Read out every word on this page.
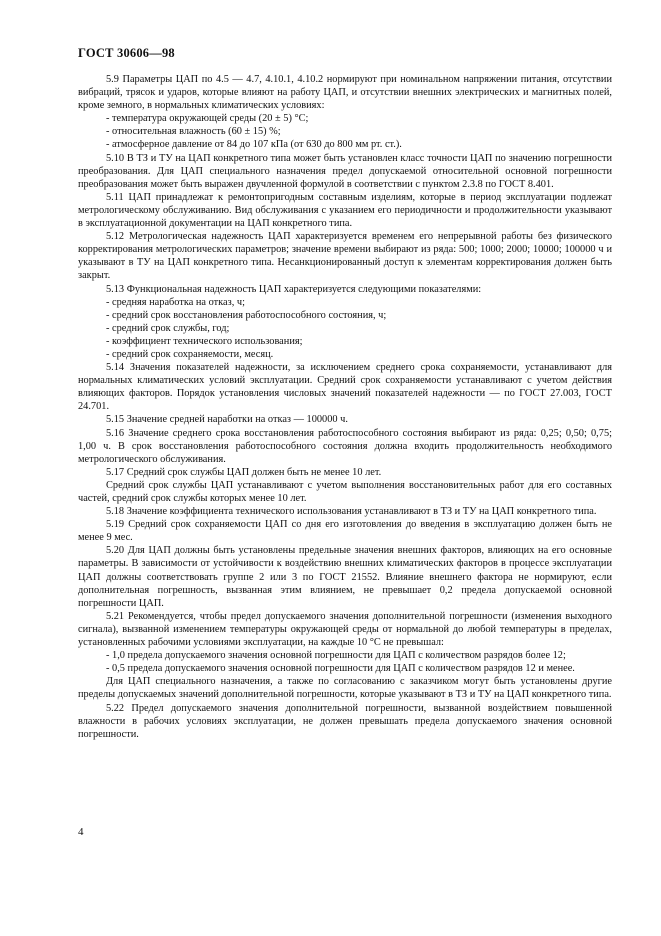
ГОСТ 30606—98

5.9 Параметры ЦАП по 4.5 — 4.7, 4.10.1, 4.10.2 нормируют при номинальном напряжении питания, отсутствии вибраций, трясок и ударов, которые влияют на работу ЦАП, и отсутствии внешних электрических и магнитных полей, кроме земного, в нормальных климатических условиях:

- температура окружающей среды (20 ± 5) °С;

- относительная влажность (60 ± 15) %;

- атмосферное давление от 84 до 107 кПа (от 630 до 800 мм рт. ст.).

5.10 В ТЗ и ТУ на ЦАП конкретного типа может быть установлен класс точности ЦАП по значению погрешности преобразования. Для ЦАП специального назначения предел допускаемой относительной основной погрешности преобразования может быть выражен двучленной формулой в соответствии с пунктом 2.3.8 по ГОСТ 8.401.

5.11 ЦАП принадлежат к ремонтопригодным составным изделиям, которые в период эксплуатации подлежат метрологическому обслуживанию. Вид обслуживания с указанием его периодичности и продолжительности указывают в эксплуатационной документации на ЦАП конкретного типа.

5.12 Метрологическая надежность ЦАП характеризуется временем его непрерывной работы без физического корректирования метрологических параметров; значение времени выбирают из ряда: 500; 1000; 2000; 10000; 100000 ч и указывают в ТУ на ЦАП конкретного типа. Несанкционированный доступ к элементам корректирования должен быть закрыт.

5.13 Функциональная надежность ЦАП характеризуется следующими показателями:

- средняя наработка на отказ, ч;

- средний срок восстановления работоспособного состояния, ч;

- средний срок службы, год;

- коэффициент технического использования;

- средний срок сохраняемости, месяц.

5.14 Значения показателей надежности, за исключением среднего срока сохраняемости, устанавливают для нормальных климатических условий эксплуатации. Средний срок сохраняемости устанавливают с учетом действия влияющих факторов. Порядок установления числовых значений показателей надежности — по ГОСТ 27.003, ГОСТ 24.701.

5.15 Значение средней наработки на отказ — 100000 ч.

5.16 Значение среднего срока восстановления работоспособного состояния выбирают из ряда: 0,25; 0,50; 0,75; 1,00 ч. В срок восстановления работоспособного состояния должна входить продолжительность необходимого метрологического обслуживания.

5.17 Средний срок службы ЦАП должен быть не менее 10 лет.

Средний срок службы ЦАП устанавливают с учетом выполнения восстановительных работ для его составных частей, средний срок службы которых менее 10 лет.

5.18 Значение коэффициента технического использования устанавливают в ТЗ и ТУ на ЦАП конкретного типа.

5.19 Средний срок сохраняемости ЦАП со дня его изготовления до введения в эксплуатацию должен быть не менее 9 мес.

5.20 Для ЦАП должны быть установлены предельные значения внешних факторов, влияющих на его основные параметры. В зависимости от устойчивости к воздействию внешних климатических факторов в процессе эксплуатации ЦАП должны соответствовать группе 2 или 3 по ГОСТ 21552. Влияние внешнего фактора не нормируют, если дополнительная погрешность, вызванная этим влиянием, не превышает 0,2 предела допускаемой основной погрешности ЦАП.

5.21 Рекомендуется, чтобы предел допускаемого значения дополнительной погрешности (изменения выходного сигнала), вызванной изменением температуры окружающей среды от нормальной до любой температуры в пределах, установленных рабочими условиями эксплуатации, на каждые 10 °С не превышал:

- 1,0 предела допускаемого значения основной погрешности для ЦАП с количеством разрядов более 12;

- 0,5 предела допускаемого значения основной погрешности для ЦАП с количеством разрядов 12 и менее.

Для ЦАП специального назначения, а также по согласованию с заказчиком могут быть установлены другие пределы допускаемых значений дополнительной погрешности, которые указывают в ТЗ и ТУ на ЦАП конкретного типа.

5.22 Предел допускаемого значения дополнительной погрешности, вызванной воздействием повышенной влажности в рабочих условиях эксплуатации, не должен превышать предела допускаемого значения основной погрешности.

4
